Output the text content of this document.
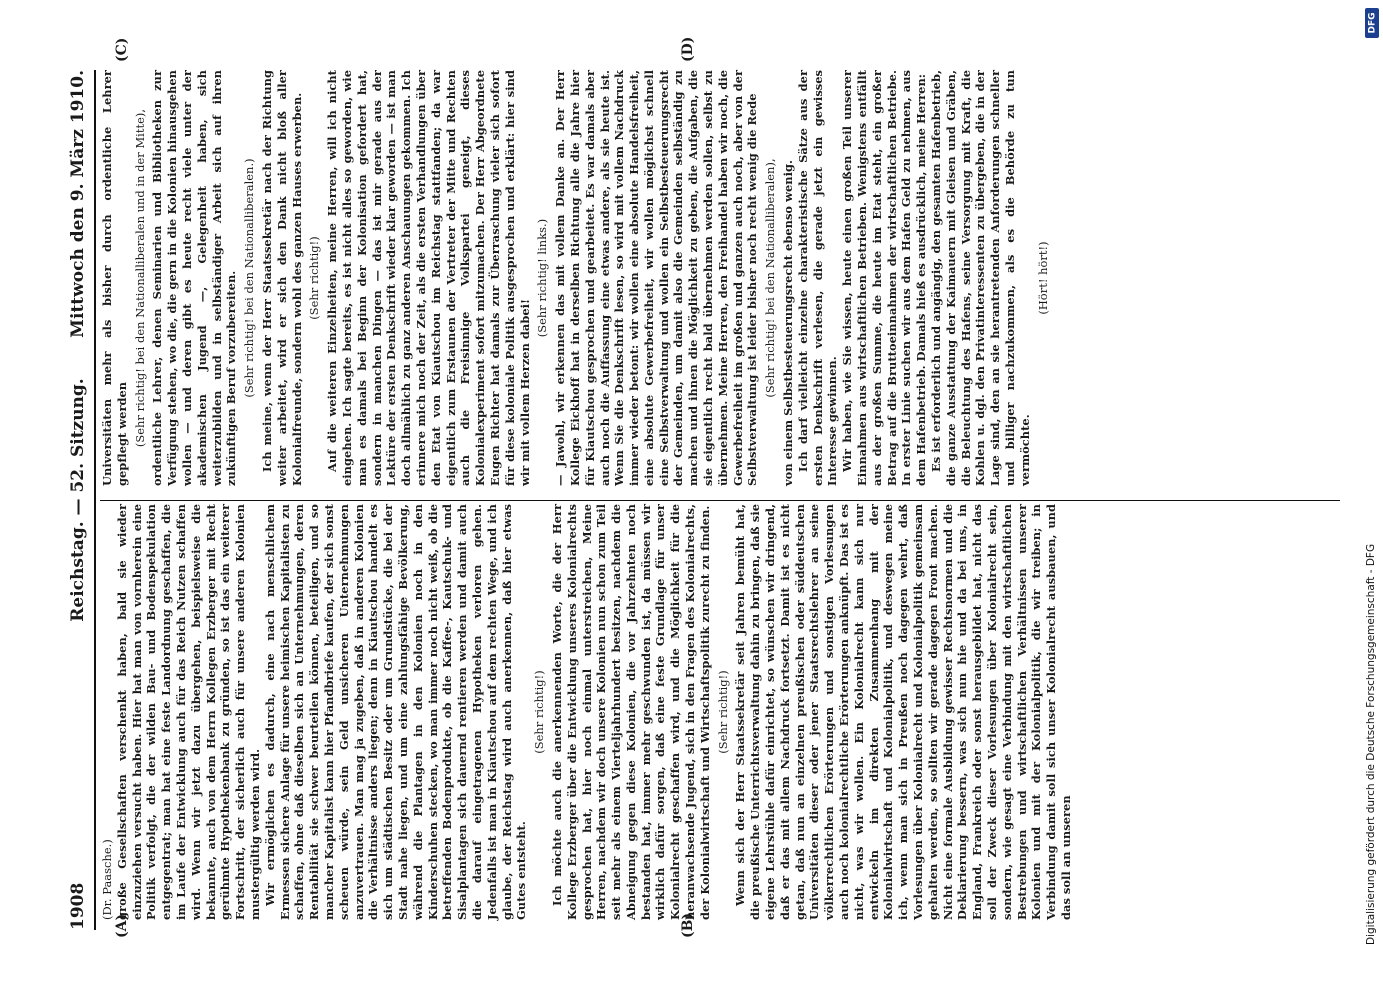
1908
Reichstag. — 52. Sitzung.
Mittwoch den 9. März 1910.
(A)	(B)
(C)	(D)

(Dr. Paasche.) große Gesellschaften verschenkt haben, bald sie wieder einzuziehen versucht haben. Hier hat man von vornherein eine Politik verfolgt, die der wilden Bau- und Bodenspekulation entgegentrat; man hat eine feste Landordnung geschaffen, die im Laufe der Entwicklung auch für das Reich Nutzen schaffen wird. Wenn wir jetzt dazu übergehen, beispielsweise die bekannte, auch von dem Herrn Kollegen Erzberger mit Recht gerühmte Hypothekenbank zu gründen, so ist das ein weiterer Fortschritt, der sicherlich auch für unsere anderen Kolonien mustergültig werden wird. Wir ermöglichen es dadurch, eine nach menschlichem Ermessen sichere Anlage für unsere heimischen Kapitalisten zu schaffen, ohne daß dieselben sich an Unternehmungen, deren Rentabilität sie schwer beurteilen können, beteiligen, und so mancher Kapitalist kann hier Pfandbriefe kaufen, der sich sonst scheuen würde, sein Geld unsicheren Unternehmungen anzuvertrauen. Man mag ja zugeben, daß in anderen Kolonien die Verhältnisse anders liegen; denn in Kiautschou handelt es sich um städtischen Besitz oder um Grundstücke, die bei der Stadt nahe liegen, und um eine zahlungsfähige Bevölkerung, während die Plantagen in den Kolonien noch in den Kinderschuhen stecken, wo man immer noch nicht weiß, ob die betreffenden Bodenprodukte, ob die Kaffee-, Kautschuk- und Sisalplantagen sich dauernd rentieren werden und damit auch die darauf eingetragenen Hypotheken verloren gehen. Jedenfalls ist man in Kiautschou auf dem rechten Wege, und ich glaube, der Reichstag wird auch anerkennen, daß hier etwas Gutes entsteht.

(Sehr richtig!) Ich möchte auch die anerkennenden Worte, die der Herr Kollege Erzberger über die Entwicklung unseres Kolonialrechts gesprochen hat, hier noch einmal unterstreichen, Meine Herren, nachdem wir doch unsere Kolonien nun schon zum Teil seit mehr als einem Vierteljahrhundert besitzen, nachdem die Abneigung gegen diese Kolonien, die vor Jahrzehnten noch bestanden hat, immer mehr geschwunden ist, da müssen wir wirklich dafür sorgen, daß eine feste Grundlage für unser Kolonialrecht geschaffen wird, und die Möglichkeit für die heranwachsende Jugend, sich in den Fragen des Kolonialrechts, der Kolonialwirtschaft und Wirtschaftspolitik zurecht zu finden. (Sehr richtig!) Wenn sich der Herr Staatssekretär seit Jahren bemüht hat, die preußische Unterrichtsverwaltung dahin zu bringen, daß sie eigene Lehrstühle dafür einrichtet, so wünschen wir dringend, daß er das mit allem Nachdruck fortsetzt. Damit ist es nicht getan, daß nun an einzelnen preußischen oder süddeutschen Universitäten dieser oder jener Staatsrechtslehrer an seine völkerrechtlichen Erörterungen und sonstigen Vorlesungen auch noch kolonialrechtliche Erörterungen anknüpft. Das ist es nicht, was wir wollen. Ein Kolonialrecht kann sich nur entwickeln im direkten Zusammenhang mit der Kolonialwirtschaft und Kolonialpolitik, und deswegen meine ich, wenn man sich in Preußen noch dagegen wehrt, daß Vorlesungen über Kolonialrecht und Kolonialpolitik gemeinsam gehalten werden, so sollten wir gerade dagegen Front machen. Nicht eine formale Ausbildung gewisser Rechtsnormen und die Deklarierung bessern, was sich nun hie und da bei uns, in England, Frankreich oder sonst herausgebildet hat, nicht das soll der Zweck dieser Vorlesungen über Kolonialrecht sein, sondern, wie gesagt eine Verbindung mit den wirtschaftlichen Bestrebungen und wirtschaftlichen Verhältnissen unserer Kolonien und mit der Kolonialpolitik, die wir treiben; in Verbindung damit soll sich unser Kolonialrecht ausbauen, und das soll an unseren

Universitäten mehr als bisher durch ordentliche Lehrer gepflegt werden (Sehr richtig! bei den Nationalliberalen und in der Mitte), ordentliche Lehrer, denen Seminarien und Bibliotheken zur Verfügung stehen, wo die, die gern in die Kolonien hinausgehen wollen — und deren gibt es heute recht viele unter der akademischen Jugend —, Gelegenheit haben, sich weiterzubilden und in selbständiger Arbeit sich auf ihren zukünftigen Beruf vorzubereiten. (Sehr richtig! bei den Nationalliberalen.) Ich meine, wenn der Herr Staatssekretär nach der Richtung weiter arbeitet, wird er sich den Dank nicht bloß aller Kolonialfreunde, sondern wohl des ganzen Hauses erwerben. (Sehr richtig!) Auf die weiteren Einzelheiten, meine Herren, will ich nicht eingehen. Ich sagte bereits, es ist nicht alles so geworden, wie man es damals bei Beginn der Kolonisation gefordert hat, sondern in manchen Dingen — das ist mir gerade aus der Lektüre der ersten Denkschrift wieder klar geworden — ist man doch allmählich zu ganz anderen Anschauungen gekommen. Ich erinnere mich noch der Zeit, als die ersten Verhandlungen über den Etat von Kiautschou im Reichstag stattfanden; da war eigentlich zum Erstaunen der Vertreter der Mitte und Rechten auch die Freisinnige Volkspartei geneigt, dieses Kolonialexperiment sofort mitzumachen. Der Herr Abgeordnete Eugen Richter hat damals zur Überraschung vieler sich sofort für diese koloniale Politik ausgesprochen und erklärt: hier sind wir mit vollem Herzen dabei!

(Sehr richtig! links.) — Jawohl, wir erkennen das mit vollem Danke an. Der Herr Kollege Eickhoff hat in derselben Richtung alle die Jahre hier für Kiautschou gesprochen und gearbeitet. Es war damals aber auch noch die Auffassung eine etwas andere, als sie heute ist. Wenn Sie die Denkschrift lesen, so wird mit vollem Nachdruck immer wieder betont: wir wollen eine absolute Handelsfreiheit, eine absolute Gewerbefreiheit, wir wollen möglichst schnell eine Selbstverwaltung und wollen ein Selbstbesteuerungsrecht der Gemeinden, um damit also die Gemeinden selbständig zu machen und ihnen die Möglichkeit zu geben, die Aufgaben, die sie eigentlich recht bald übernehmen werden sollen, selbst zu übernehmen. Meine Herren, den Freihandel haben wir noch, die Gewerbefreiheit im großen und ganzen auch noch, aber von der Selbstverwaltung ist leider bisher noch recht wenig die Rede (Sehr richtig! bei den Nationalliberalen), von einem Selbstbesteuerungsrecht ebenso wenig. Ich darf vielleicht einzelne charakteristische Sätze aus der ersten Denkschrift verlesen, die gerade jetzt ein gewisses Interesse gewinnen. Wir haben, wie Sie wissen, heute einen großen Teil unserer Einnahmen aus wirtschaftlichen Betrieben. Wenigstens entfällt aus der großen Summe, die heute im Etat steht, ein großer Betrag auf die Bruttoeinnahmen der wirtschaftlichen Betriebe. In erster Linie suchen wir aus dem Hafen Geld zu nehmen, aus dem Hafenbetrieb. Damals hieß es ausdrücklich, meine Herren: Es ist erforderlich und angängig, den gesamten Hafenbetrieb, die ganze Ausstattung der Kaimauern mit Gleisen und Gräben, die Beleuchtung des Hafens, seine Versorgung mit Kraft, die Kohlen u. dgl. den Privatinteressenten zu übergeben, die in der Lage sind, den an sie herantretenden Anforderungen schneller und billiger nachzukommen, als es die Behörde zu tun vermöchte.

(Hört! hört!)

DFG
Digitalisierung gefördert durch die Deutsche Forschungsgemeinschaft - DFG
